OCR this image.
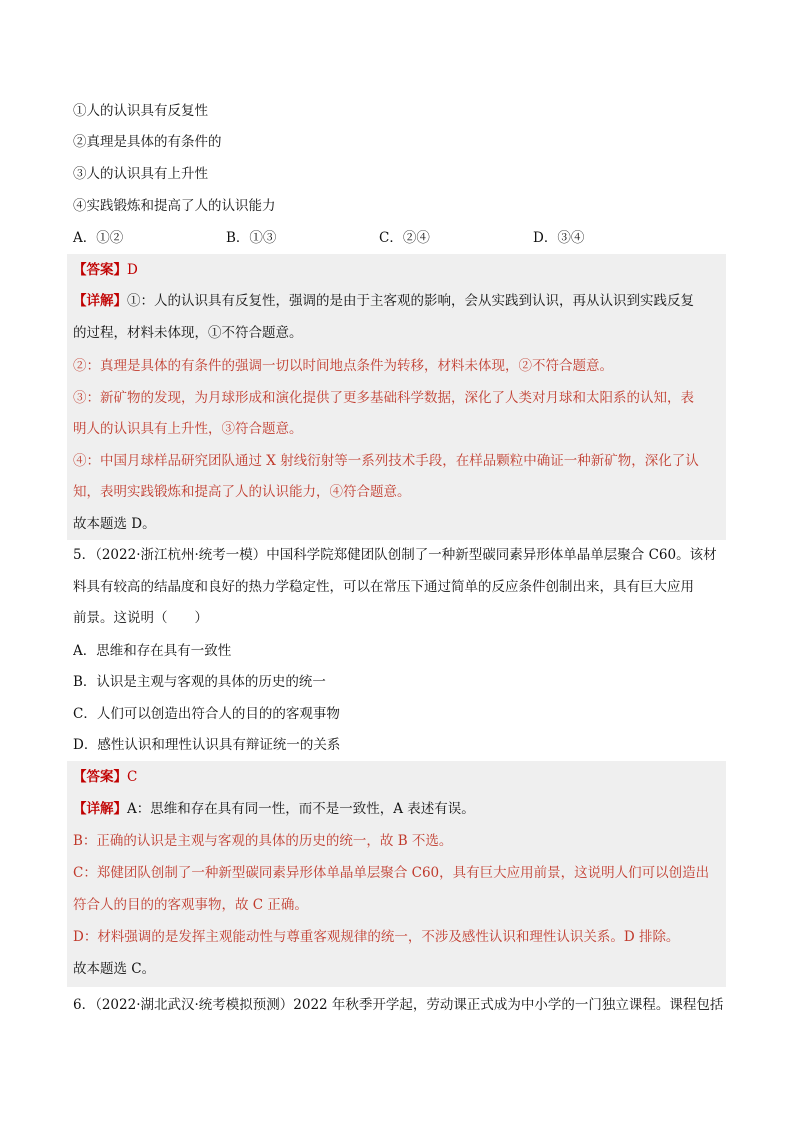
①人的认识具有反复性
②真理是具体的有条件的
③人的认识具有上升性
④实践锻炼和提高了人的认识能力
A．①②	B．①③	C．②④	D．③④
【答案】D
【详解】①：人的认识具有反复性，强调的是由于主客观的影响，会从实践到认识，再从认识到实践反复
的过程，材料未体现，①不符合题意。
②：真理是具体的有条件的强调一切以时间地点条件为转移，材料未体现，②不符合题意。
③：新矿物的发现，为月球形成和演化提供了更多基础科学数据，深化了人类对月球和太阳系的认知，表
明人的认识具有上升性，③符合题意。
④：中国月球样品研究团队通过 X 射线衍射等一系列技术手段，在样品颗粒中确证一种新矿物，深化了认
知，表明实践锻炼和提高了人的认识能力，④符合题意。
故本题选 D。
5．（2022·浙江杭州·统考一模）中国科学院郑健团队创制了一种新型碳同素异形体单晶单层聚合 C60。该材
料具有较高的结晶度和良好的热力学稳定性，可以在常压下通过简单的反应条件创制出来，具有巨大应用
前景。这说明（　　）
A．思维和存在具有一致性
B．认识是主观与客观的具体的历史的统一
C．人们可以创造出符合人的目的的客观事物
D．感性认识和理性认识具有辩证统一的关系
【答案】C
【详解】A：思维和存在具有同一性，而不是一致性，A 表述有误。
B：正确的认识是主观与客观的具体的历史的统一，故 B 不选。
C：郑健团队创制了一种新型碳同素异形体单晶单层聚合 C60，具有巨大应用前景，这说明人们可以创造出
符合人的目的的客观事物，故 C 正确。
D：材料强调的是发挥主观能动性与尊重客观规律的统一，不涉及感性认识和理性认识关系。D 排除。
故本题选 C。
6．（2022·湖北武汉·统考模拟预测）2022 年秋季开学起，劳动课正式成为中小学的一门独立课程。课程包括
